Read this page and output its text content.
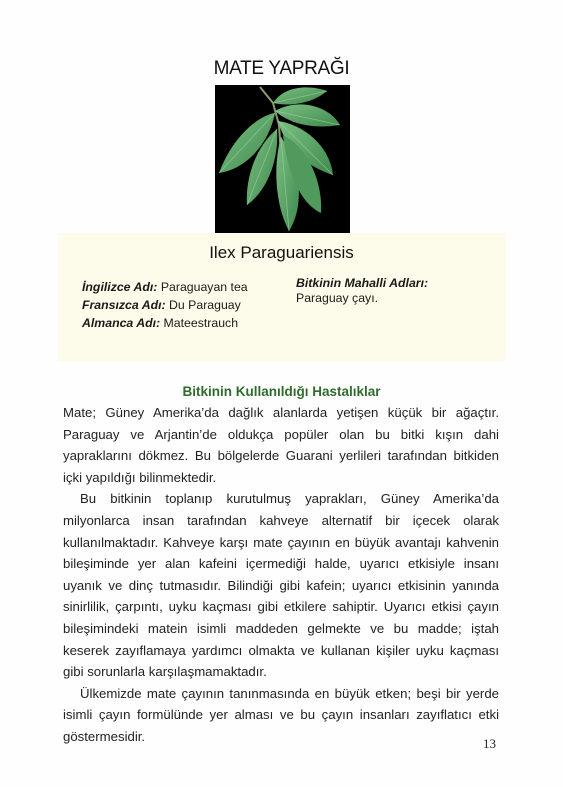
MATE YAPRAĞI
Ilex Paraguariensis
İngilizce Adı: Paraguayan tea
Fransızca Adı: Du Paraguay
Almanca Adı: Mateestrauch
Bitkinin Mahalli Adları:
Paraguay çayı.
Bitkinin Kullanıldığı Hastalıklar

Mate; Güney Amerika’da dağlık alanlarda yetişen küçük bir ağaçtır. Paraguay ve Arjantin’de oldukça popüler olan bu bitki kışın dahi yapraklarını dökmez. Bu bölgelerde Guarani yerlileri tarafından bitkiden içki yapıldığı bilinmektedir.

Bu bitkinin toplanıp kurutulmuş yaprakları, Güney Amerika’da milyonlarca insan tarafından kahveye alternatif bir içecek olarak kullanılmaktadır. Kahveye karşı mate çayının en büyük avantajı kahvenin bileşiminde yer alan kafeini içermediği halde, uyarıcı etkisiyle insanı uyanık ve dinç tutmasıdır. Bilindiği gibi kafein; uyarıcı etkisinin yanında sinirlilik, çarpıntı, uyku kaçması gibi etkilere sahiptir. Uyarıcı etkisi çayın bileşimindeki matein isimli maddeden gelmekte ve bu madde; iştah keserek zayıflamaya yardımcı olmakta ve kullanan kişiler uyku kaçması gibi sorunlarla karşılaşmamaktadır.

Ülkemizde mate çayının tanınmasında en büyük etken; beşi bir yerde isimli çayın formülünde yer alması ve bu çayın insanları zayıflatıcı etki göstermesidir.	13
